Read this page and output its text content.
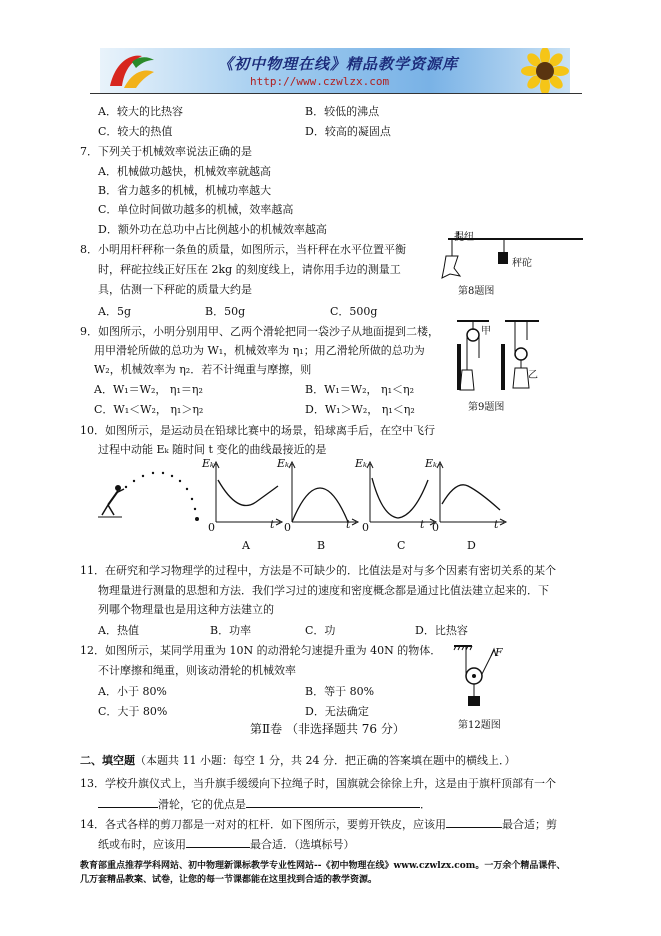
《初中物理在线》精品教学资源库
http://www.czwlzx.com
A．较大的比热容	B．较低的沸点
C．较大的热值	D．较高的凝固点
7．下列关于机械效率说法正确的是
A．机械做功越快，机械效率就越高
B．省力越多的机械，机械功率越大
C．单位时间做功越多的机械，效率越高
D．额外功在总功中占比例越小的机械效率越高
8．小明用杆秤称一条鱼的质量，如图所示，当杆秤在水平位置平衡
时，秤砣拉线正好压在 2kg 的刻度线上，请你用手边的测量工
具，估测一下秤砣的质量大约是
A．5g	B．50g	C．500g
提纽
秤砣
第8题图
9．如图所示，小明分别用甲、乙两个滑轮把同一袋沙子从地面提到二楼，
用甲滑轮所做的总功为 W₁，机械效率为 η₁；用乙滑轮所做的总功为
W₂，机械效率为 η₂．若不计绳重与摩擦，则
A．W₁＝W₂， η₁＝η₂	B．W₁＝W₂， η₁＜η₂
C．W₁＜W₂， η₁＞η₂	D．W₁＞W₂， η₁＜η₂
甲
乙
第9题图
10．如图所示，是运动员在铅球比赛中的场景，铅球离手后，在空中飞行
过程中动能 Eₖ 随时间 t 变化的曲线最接近的是
Eₖ	Eₖ	Eₖ	Eₖ
0	0	0	0
t	t	t	t
A	B	C	D
11．在研究和学习物理学的过程中，方法是不可缺少的．比值法是对与多个因素有密切关系的某个
物理量进行测量的思想和方法．我们学习过的速度和密度概念都是通过比值法建立起来的．下
列哪个物理量也是用这种方法建立的
A．热值	B．功率	C．功	D．比热容
12．如图所示，某同学用重为 10N 的动滑轮匀速提升重为 40N 的物体．
不计摩擦和绳重，则该动滑轮的机械效率
A．小于 80%	B．等于 80%
C．大于 80%	D．无法确定
F
第12题图
第Ⅱ卷 （非选择题共 76 分）
二、填空题（本题共 11 小题：每空 1 分，共 24 分．把正确的答案填在题中的横线上．）
13．学校升旗仪式上，当升旗手缓缓向下拉绳子时，国旗就会徐徐上升，这是由于旗杆顶部有一个
滑轮，它的优点是	．
14．各式各样的剪刀都是一对对的杠杆．如下图所示，要剪开铁皮，应该用	最合适；剪
纸或布时，应该用	最合适．（选填标号）
教育部重点推荐学科网站、初中物理新课标教学专业性网站--《初中物理在线》www.czwlzx.com。一万余个精品课件、
几万套精品教案、试卷，让您的每一节课都能在这里找到合适的教学资源。
